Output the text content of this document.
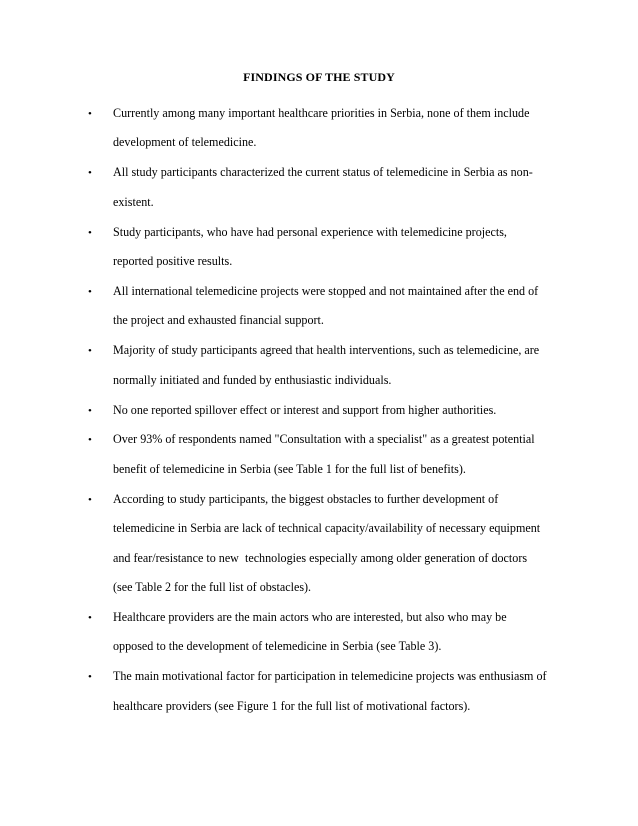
FINDINGS OF THE STUDY
• Currently among many important healthcare priorities in Serbia, none of them include
development of telemedicine.
• All study participants characterized the current status of telemedicine in Serbia as non-
existent.
• Study participants, who have had personal experience with telemedicine projects,
reported positive results.
• All international telemedicine projects were stopped and not maintained after the end of
the project and exhausted financial support.
• Majority of study participants agreed that health interventions, such as telemedicine, are
normally initiated and funded by enthusiastic individuals.
• No one reported spillover effect or interest and support from higher authorities.
• Over 93% of respondents named "Consultation with a specialist" as a greatest potential
benefit of telemedicine in Serbia (see Table 1 for the full list of benefits).
• According to study participants, the biggest obstacles to further development of
telemedicine in Serbia are lack of technical capacity/availability of necessary equipment
and fear/resistance to new  technologies especially among older generation of doctors
(see Table 2 for the full list of obstacles).
• Healthcare providers are the main actors who are interested, but also who may be
opposed to the development of telemedicine in Serbia (see Table 3).
• The main motivational factor for participation in telemedicine projects was enthusiasm of
healthcare providers (see Figure 1 for the full list of motivational factors).
